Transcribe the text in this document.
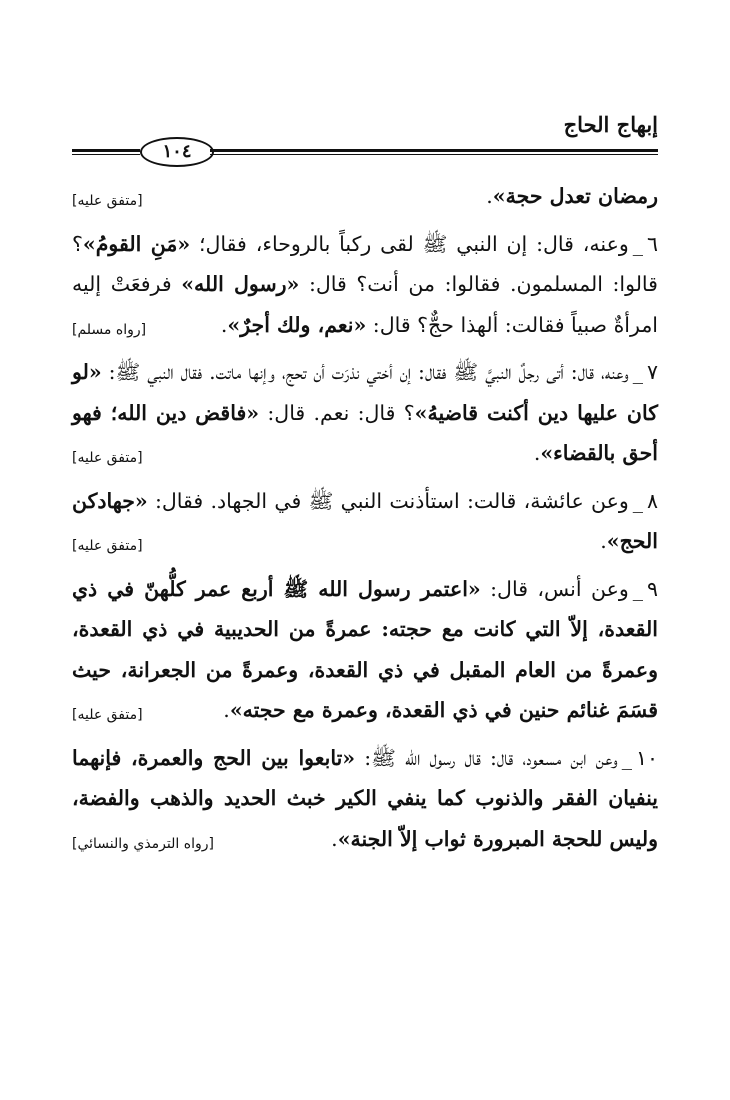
إبهاج الحاج
١٠٤
رمضان تعدل حجة».
[متفق عليه]
٦_وعنه، قال: إن النبي ﷺ لقى ركباً بالروحاء، فقال؛ «مَنِ القومُ»؟ قالوا: المسلمون. فقالوا: من أنت؟ قال: «رسول الله» فرفعَتْ إليه امرأةٌ صبياً فقالت: ألهذا حجٌّ؟ قال: «نعم، ولك أجرٌ».
[رواه مسلم]
٧_وعنه، قال: أتى رجلٌ النبيَّ ﷺ فقال: إن أختي نذرَت أن تحج، وإنها ماتت. فقال النبي ﷺ: «لو كان عليها دين أكنت قاضيهُ»؟ قال: نعم. قال: «فاقض دين الله؛ فهو أحق بالقضاء».
[متفق عليه]
٨_وعن عائشة، قالت: استأذنت النبي ﷺ في الجهاد. فقال: «جهادكن الحج».
[متفق عليه]
٩_وعن أنس، قال: «اعتمر رسول الله ﷺ أربع عمر كلُّهنّ في ذي القعدة، إلاّ التي كانت مع حجته: عمرةً من الحديبية في ذي القعدة، وعمرةً من العام المقبل في ذي القعدة، وعمرةً من الجعرانة، حيث قسَمَ غنائم حنين في ذي القعدة، وعمرة مع حجته».
[متفق عليه]
١٠_وعن ابن مسعود، قال: قال رسول الله ﷺ: «تابعوا بين الحج والعمرة، فإنهما ينفيان الفقر والذنوب كما ينفي الكير خبث الحديد والذهب والفضة، وليس للحجة المبرورة ثواب إلاّ الجنة».
[رواه الترمذي والنسائي]
